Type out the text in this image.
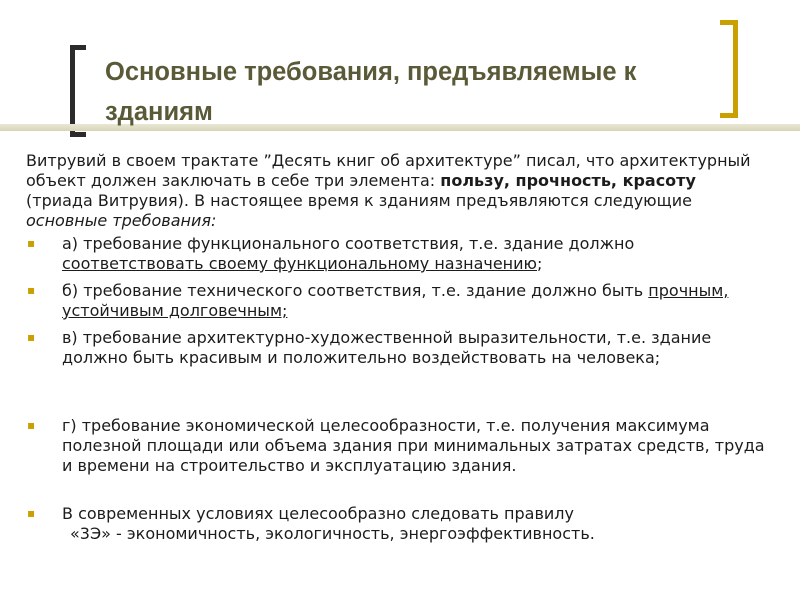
Основные требования, предъявляемые к зданиям

Витрувий в своем трактате ”Десять книг об архитектуре” писал, что архитектурный объект должен заключать в себе три элемента: пользу, прочность, красоту (триада Витрувия). В настоящее время к зданиям предъявляются следующие основные требования:

▪ а) требование функционального соответствия, т.е. здание должно соответствовать своему функциональному назначению;

▪ б) требование технического соответствия, т.е. здание должно быть прочным, устойчивым долговечным;

▪ в) требование архитектурно-художественной выразительности, т.е. здание должно быть красивым и положительно воздействовать на человека;

▪ г) требование экономической целесообразности, т.е. получения максимума полезной площади или объема здания при минимальных затратах средств, труда и времени на строительство и эксплуатацию здания.

▪ В современных условиях целесообразно следовать правилу
«3Э» - экономичность, экологичность, энергоэффективность.
